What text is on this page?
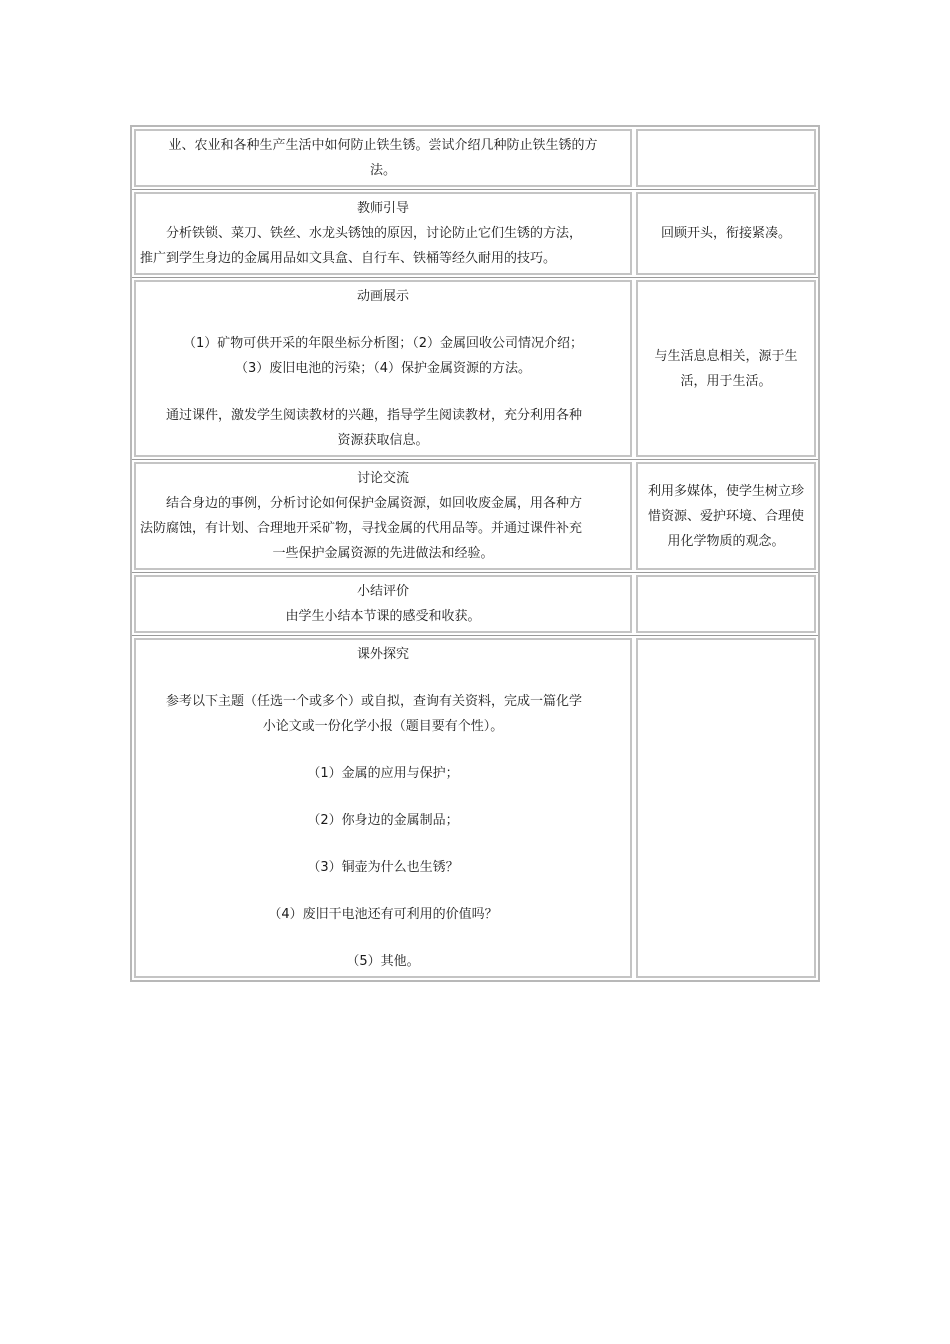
业、农业和各种生产生活中如何防止铁生锈。尝试介绍几种防止铁生锈的方
法。
教师引导
分析铁锁、菜刀、铁丝、水龙头锈蚀的原因，讨论防止它们生锈的方法，
推广到学生身边的金属用品如文具盒、自行车、铁桶等经久耐用的技巧。
回顾开头，衔接紧凑。
动画展示
（1）矿物可供开采的年限坐标分析图；（2）金属回收公司情况介绍；
（3）废旧电池的污染；（4）保护金属资源的方法。
通过课件，激发学生阅读教材的兴趣，指导学生阅读教材，充分利用各种
资源获取信息。
与生活息息相关，源于生
活，用于生活。
讨论交流
结合身边的事例，分析讨论如何保护金属资源，如回收废金属，用各种方
法防腐蚀，有计划、合理地开采矿物，寻找金属的代用品等。并通过课件补充
一些保护金属资源的先进做法和经验。
利用多媒体，使学生树立珍
惜资源、爱护环境、合理使
用化学物质的观念。
小结评价
由学生小结本节课的感受和收获。
课外探究
参考以下主题（任选一个或多个）或自拟，查询有关资料，完成一篇化学
小论文或一份化学小报（题目要有个性）。
（1）金属的应用与保护；
（2）你身边的金属制品；
（3）铜壶为什么也生锈？
（4）废旧干电池还有可利用的价值吗？
（5）其他。
